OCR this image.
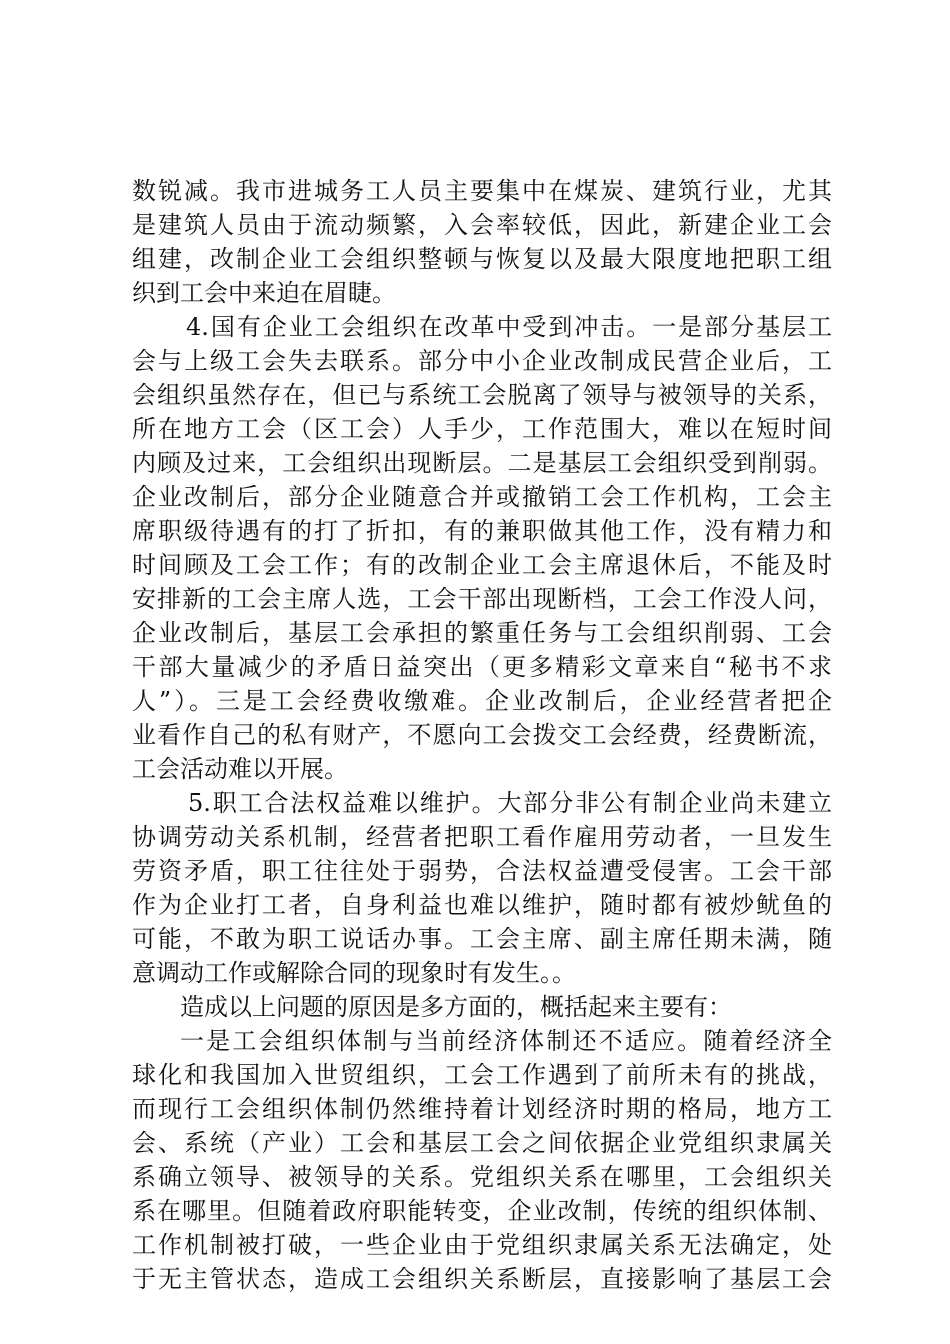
数锐减。我市进城务工人员主要集中在煤炭、建筑行业，尤其
是建筑人员由于流动频繁，入会率较低，因此，新建企业工会
组建，改制企业工会组织整顿与恢复以及最大限度地把职工组
织到工会中来迫在眉睫。
4.国有企业工会组织在改革中受到冲击。一是部分基层工
会与上级工会失去联系。部分中小企业改制成民营企业后，工
会组织虽然存在，但已与系统工会脱离了领导与被领导的关系，
所在地方工会（区工会）人手少，工作范围大，难以在短时间
内顾及过来，工会组织出现断层。二是基层工会组织受到削弱。
企业改制后，部分企业随意合并或撤销工会工作机构，工会主
席职级待遇有的打了折扣，有的兼职做其他工作，没有精力和
时间顾及工会工作；有的改制企业工会主席退休后，不能及时
安排新的工会主席人选，工会干部出现断档，工会工作没人问，
企业改制后，基层工会承担的繁重任务与工会组织削弱、工会
干部大量减少的矛盾日益突出（更多精彩文章来自“秘书不求
人”）。三是工会经费收缴难。企业改制后，企业经营者把企
业看作自己的私有财产，不愿向工会拨交工会经费，经费断流，
工会活动难以开展。
5.职工合法权益难以维护。大部分非公有制企业尚未建立
协调劳动关系机制，经营者把职工看作雇用劳动者，一旦发生
劳资矛盾，职工往往处于弱势，合法权益遭受侵害。工会干部
作为企业打工者，自身利益也难以维护，随时都有被炒鱿鱼的
可能，不敢为职工说话办事。工会主席、副主席任期未满，随
意调动工作或解除合同的现象时有发生。。
造成以上问题的原因是多方面的，概括起来主要有：
一是工会组织体制与当前经济体制还不适应。随着经济全
球化和我国加入世贸组织，工会工作遇到了前所未有的挑战，
而现行工会组织体制仍然维持着计划经济时期的格局，地方工
会、系统（产业）工会和基层工会之间依据企业党组织隶属关
系确立领导、被领导的关系。党组织关系在哪里，工会组织关
系在哪里。但随着政府职能转变，企业改制，传统的组织体制、
工作机制被打破，一些企业由于党组织隶属关系无法确定，处
于无主管状态，造成工会组织关系断层，直接影响了基层工会
